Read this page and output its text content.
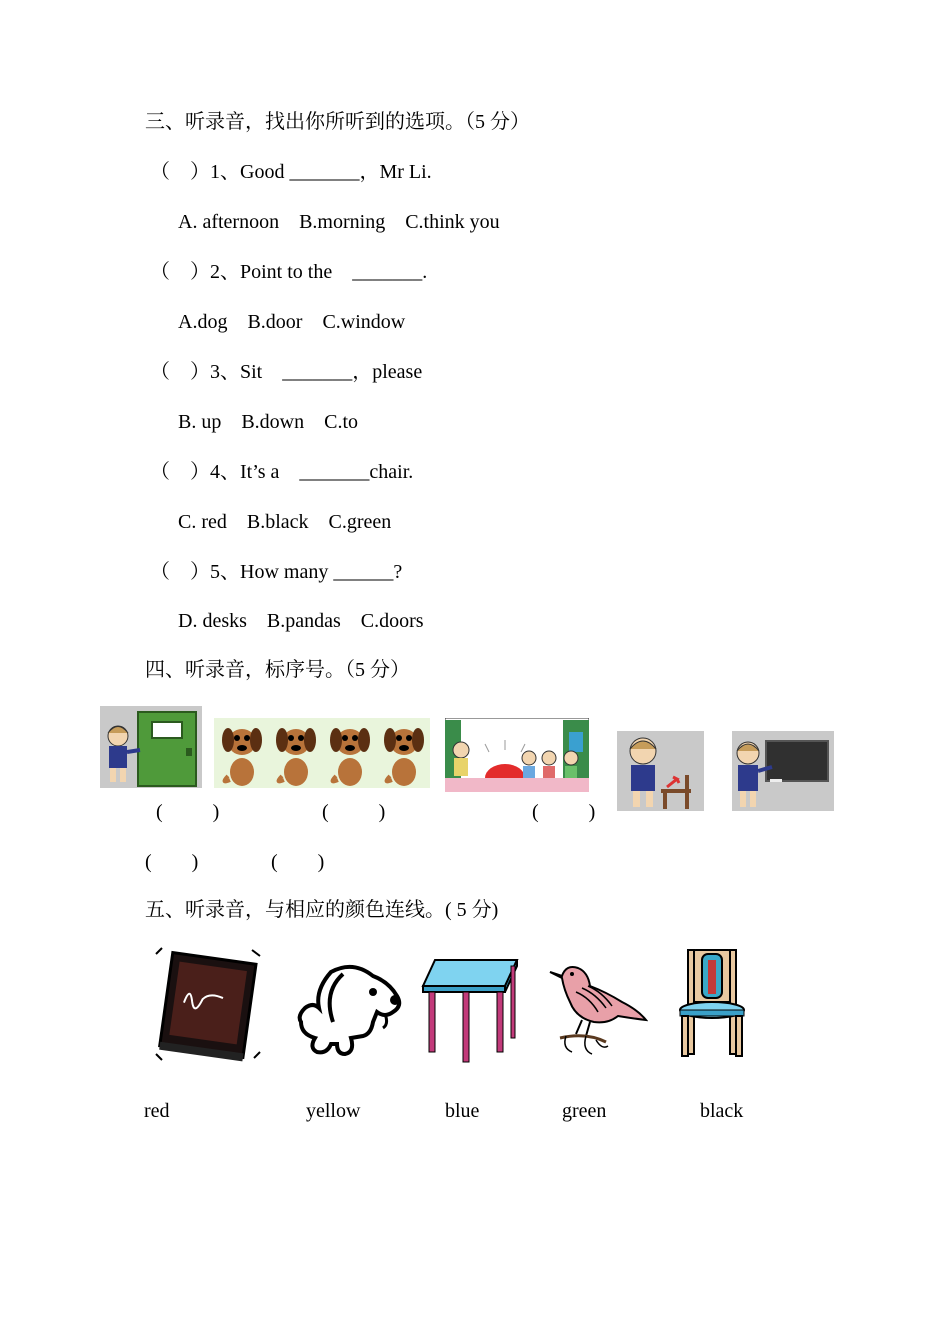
三、听录音，找出你所听到的选项。（5 分）
（    ）1、Good _______，Mr Li.
A. afternoon    B.morning    C.think you
（    ）2、Point to the    _______.
A.dog    B.door    C.window
（    ）3、Sit    _______，please
B. up    B.down    C.to
（    ）4、It’s a    _______chair.
C. red    B.black    C.green
（    ）5、How many ______?
D. desks    B.pandas    C.doors
四、听录音，标序号。（5 分）
(          )	(          )	(          )
(        )	(        )
五、听录音，与相应的颜色连线。( 5 分)
red	yellow	blue	green	black
